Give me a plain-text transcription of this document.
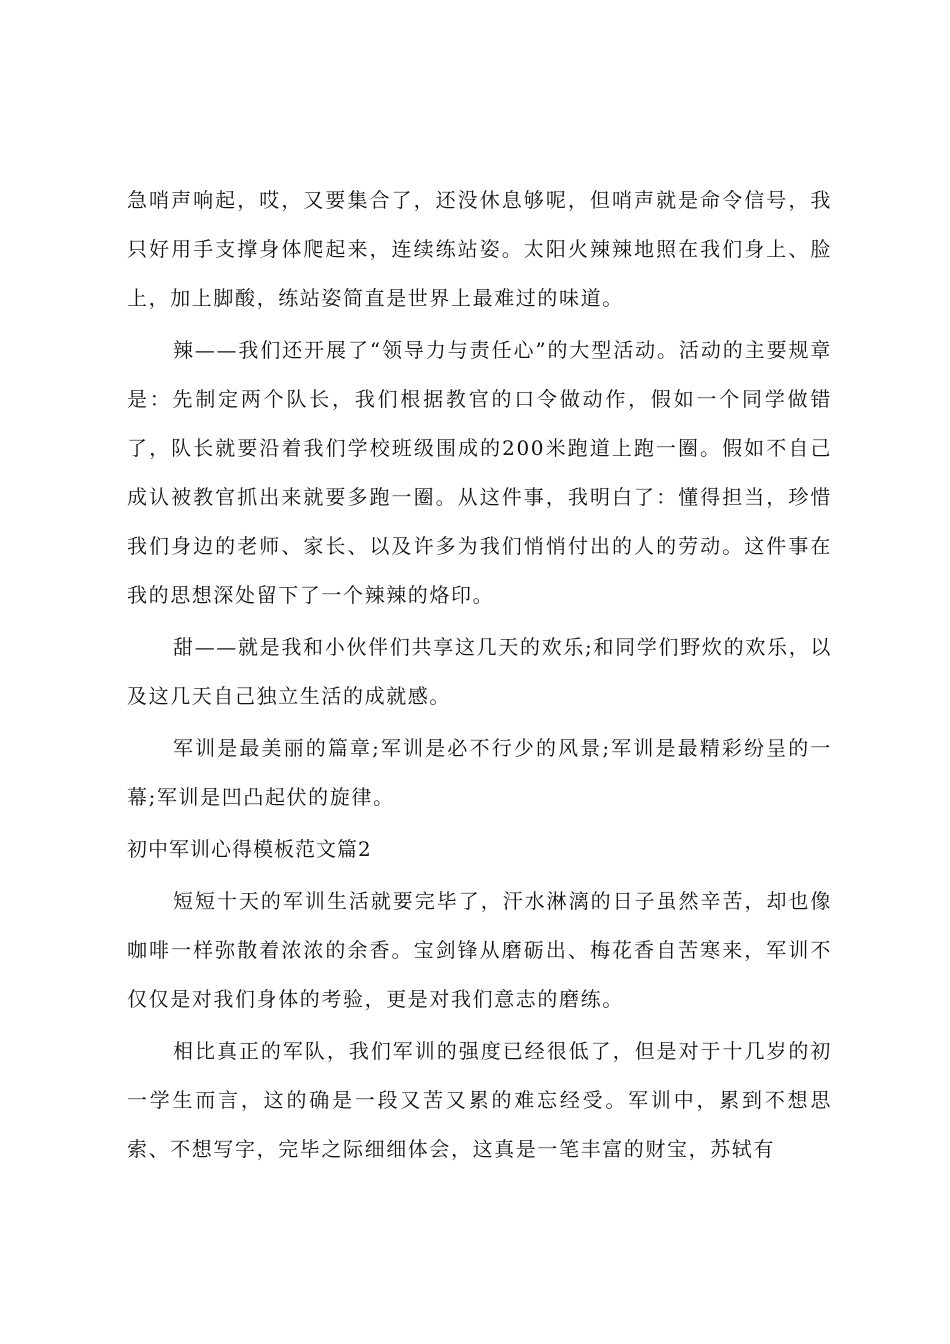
急哨声响起，哎，又要集合了，还没休息够呢，但哨声就是命令信号，我只好用手支撑身体爬起来，连续练站姿。太阳火辣辣地照在我们身上、脸上，加上脚酸，练站姿简直是世界上最难过的味道。

辣——我们还开展了“领导力与责任心”的大型活动。活动的主要规章是：先制定两个队长，我们根据教官的口令做动作，假如一个同学做错了，队长就要沿着我们学校班级围成的200米跑道上跑一圈。假如不自己成认被教官抓出来就要多跑一圈。从这件事，我明白了：懂得担当，珍惜我们身边的老师、家长、以及许多为我们悄悄付出的人的劳动。这件事在我的思想深处留下了一个辣辣的烙印。

甜——就是我和小伙伴们共享这几天的欢乐;和同学们野炊的欢乐，以及这几天自己独立生活的成就感。

军训是最美丽的篇章;军训是必不行少的风景;军训是最精彩纷呈的一幕;军训是凹凸起伏的旋律。

初中军训心得模板范文篇2

短短十天的军训生活就要完毕了，汗水淋漓的日子虽然辛苦，却也像咖啡一样弥散着浓浓的余香。宝剑锋从磨砺出、梅花香自苦寒来，军训不仅仅是对我们身体的考验，更是对我们意志的磨练。

相比真正的军队，我们军训的强度已经很低了，但是对于十几岁的初一学生而言，这的确是一段又苦又累的难忘经受。军训中，累到不想思索、不想写字，完毕之际细细体会，这真是一笔丰富的财宝，苏轼有
